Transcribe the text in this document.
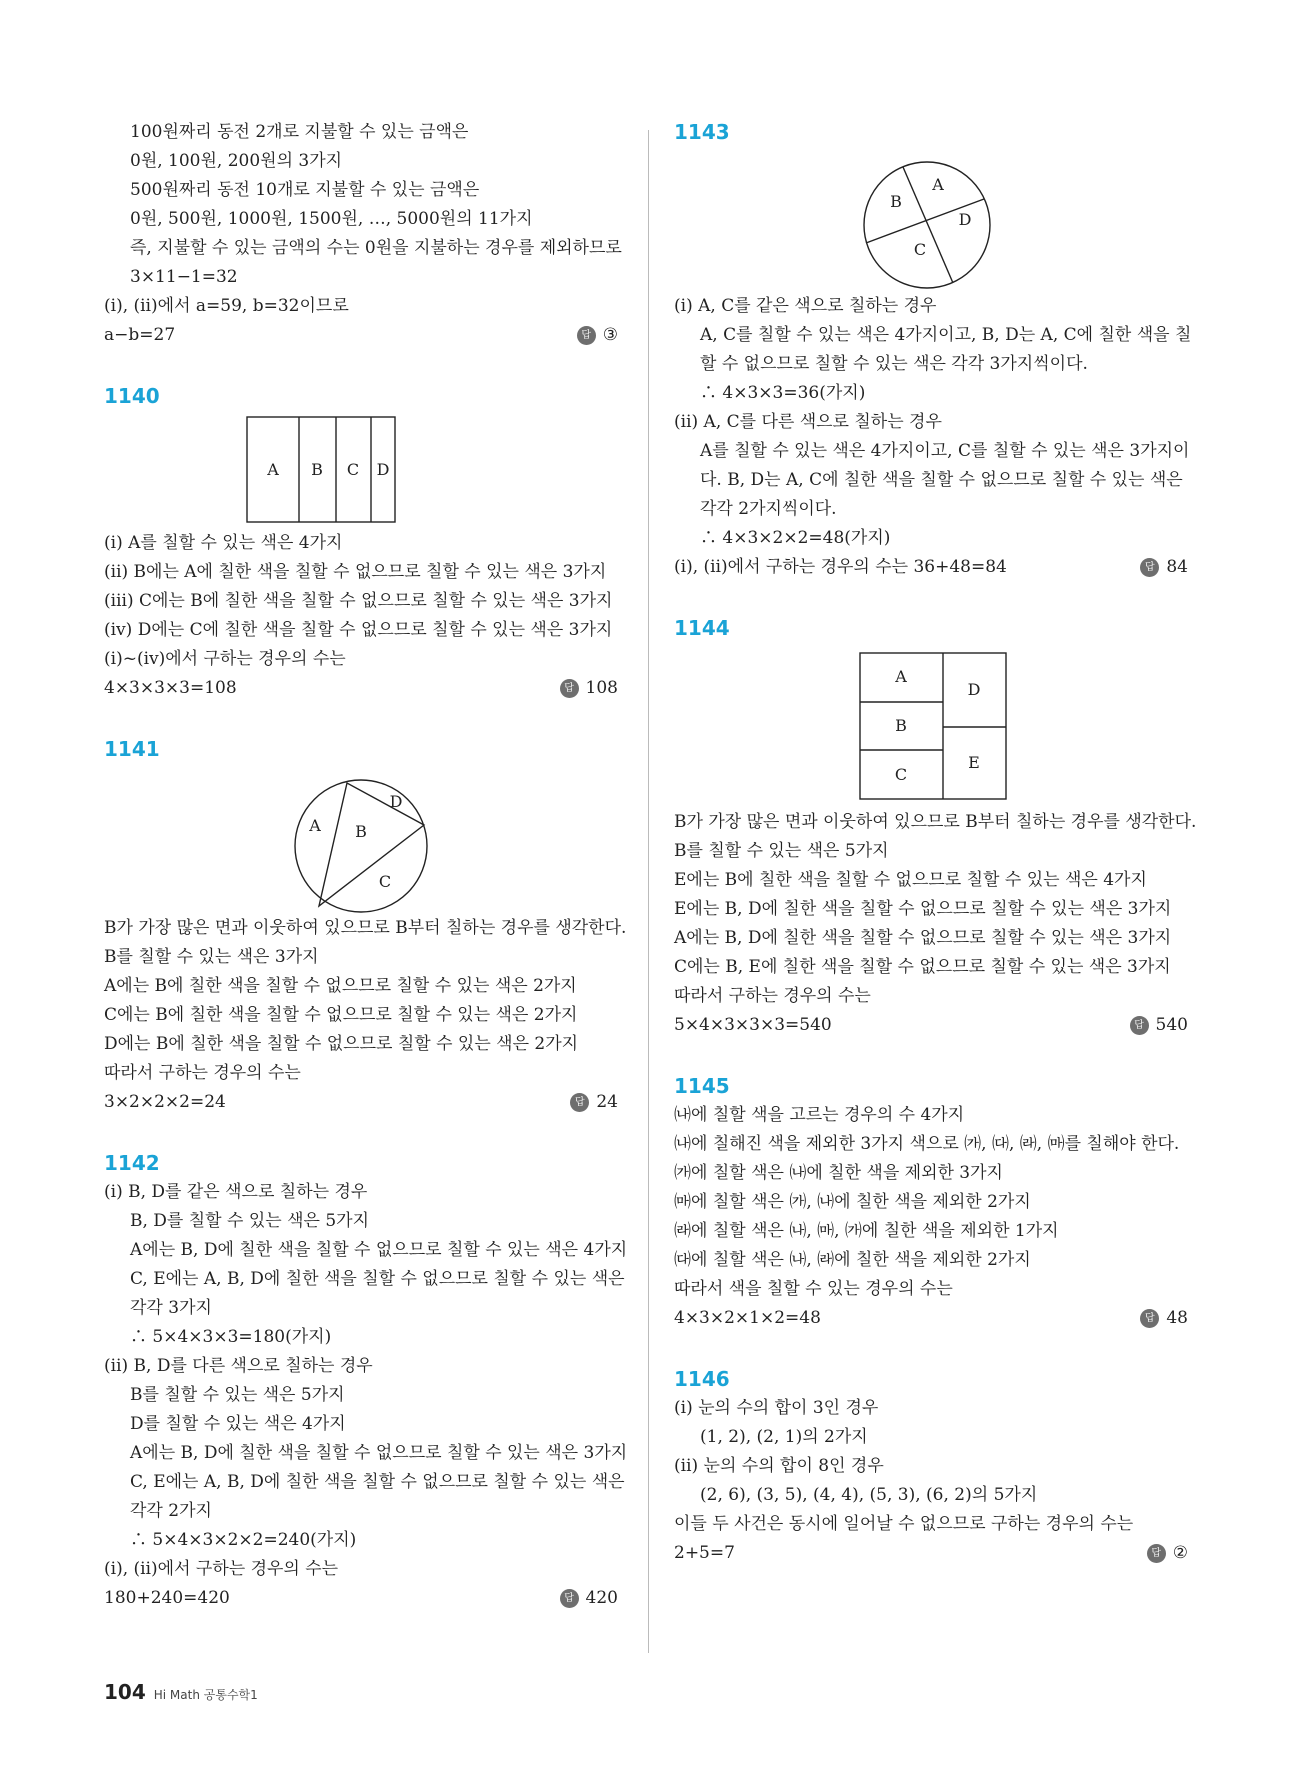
100원짜리 동전 2개로 지불할 수 있는 금액은
0원, 100원, 200원의 3가지
500원짜리 동전 10개로 지불할 수 있는 금액은
0원, 500원, 1000원, 1500원, …, 5000원의 11가지
즉, 지불할 수 있는 금액의 수는 0원을 지불하는 경우를 제외하므로
3×11−1=32
(ⅰ), (ⅱ)에서 a=59, b=32이므로
a−b=27	답 ③
1140
A B C D
(ⅰ) A를 칠할 수 있는 색은 4가지
(ⅱ) B에는 A에 칠한 색을 칠할 수 없으므로 칠할 수 있는 색은 3가지
(ⅲ) C에는 B에 칠한 색을 칠할 수 없으므로 칠할 수 있는 색은 3가지
(ⅳ) D에는 C에 칠한 색을 칠할 수 없으므로 칠할 수 있는 색은 3가지
(ⅰ)~(ⅳ)에서 구하는 경우의 수는
4×3×3×3=108	답 108
1141
A B
C
D
B가 가장 많은 면과 이웃하여 있으므로 B부터 칠하는 경우를 생각한다.
B를 칠할 수 있는 색은 3가지
A에는 B에 칠한 색을 칠할 수 없으므로 칠할 수 있는 색은 2가지
C에는 B에 칠한 색을 칠할 수 없으므로 칠할 수 있는 색은 2가지
D에는 B에 칠한 색을 칠할 수 없으므로 칠할 수 있는 색은 2가지
따라서 구하는 경우의 수는
3×2×2×2=24	답 24
1142
(ⅰ) B, D를 같은 색으로 칠하는 경우
B, D를 칠할 수 있는 색은 5가지
A에는 B, D에 칠한 색을 칠할 수 없으므로 칠할 수 있는 색은 4가지
C, E에는 A, B, D에 칠한 색을 칠할 수 없으므로 칠할 수 있는 색은
각각 3가지
∴ 5×4×3×3=180(가지)
(ⅱ) B, D를 다른 색으로 칠하는 경우
B를 칠할 수 있는 색은 5가지
D를 칠할 수 있는 색은 4가지
A에는 B, D에 칠한 색을 칠할 수 없으므로 칠할 수 있는 색은 3가지
C, E에는 A, B, D에 칠한 색을 칠할 수 없으므로 칠할 수 있는 색은
각각 2가지
∴ 5×4×3×2×2=240(가지)
(ⅰ), (ⅱ)에서 구하는 경우의 수는
180+240=420	답 420
1143
A
B
C
D
(ⅰ) A, C를 같은 색으로 칠하는 경우
A, C를 칠할 수 있는 색은 4가지이고, B, D는 A, C에 칠한 색을 칠
할 수 없으므로 칠할 수 있는 색은 각각 3가지씩이다.
∴ 4×3×3=36(가지)
(ⅱ) A, C를 다른 색으로 칠하는 경우
A를 칠할 수 있는 색은 4가지이고, C를 칠할 수 있는 색은 3가지이
다. B, D는 A, C에 칠한 색을 칠할 수 없으므로 칠할 수 있는 색은
각각 2가지씩이다.
∴ 4×3×2×2=48(가지)
(ⅰ), (ⅱ)에서 구하는 경우의 수는 36+48=84	답 84
1144
A
B
C
D
E
B가 가장 많은 면과 이웃하여 있으므로 B부터 칠하는 경우를 생각한다.
B를 칠할 수 있는 색은 5가지
E에는 B에 칠한 색을 칠할 수 없으므로 칠할 수 있는 색은 4가지
E에는 B, D에 칠한 색을 칠할 수 없으므로 칠할 수 있는 색은 3가지
A에는 B, D에 칠한 색을 칠할 수 없으므로 칠할 수 있는 색은 3가지
C에는 B, E에 칠한 색을 칠할 수 없으므로 칠할 수 있는 색은 3가지
따라서 구하는 경우의 수는
5×4×3×3×3=540	답 540
1145
㈏에 칠할 색을 고르는 경우의 수 4가지
㈏에 칠해진 색을 제외한 3가지 색으로 ㈎, ㈐, ㈑, ㈒를 칠해야 한다.
㈎에 칠할 색은 ㈏에 칠한 색을 제외한 3가지
㈒에 칠할 색은 ㈎, ㈏에 칠한 색을 제외한 2가지
㈑에 칠할 색은 ㈏, ㈒, ㈎에 칠한 색을 제외한 1가지
㈐에 칠할 색은 ㈏, ㈑에 칠한 색을 제외한 2가지
따라서 색을 칠할 수 있는 경우의 수는
4×3×2×1×2=48	답 48
1146
(ⅰ) 눈의 수의 합이 3인 경우
(1, 2), (2, 1)의 2가지
(ⅱ) 눈의 수의 합이 8인 경우
(2, 6), (3, 5), (4, 4), (5, 3), (6, 2)의 5가지
이들 두 사건은 동시에 일어날 수 없으므로 구하는 경우의 수는
2+5=7	답 ②
104 Hi Math 공통수학1
